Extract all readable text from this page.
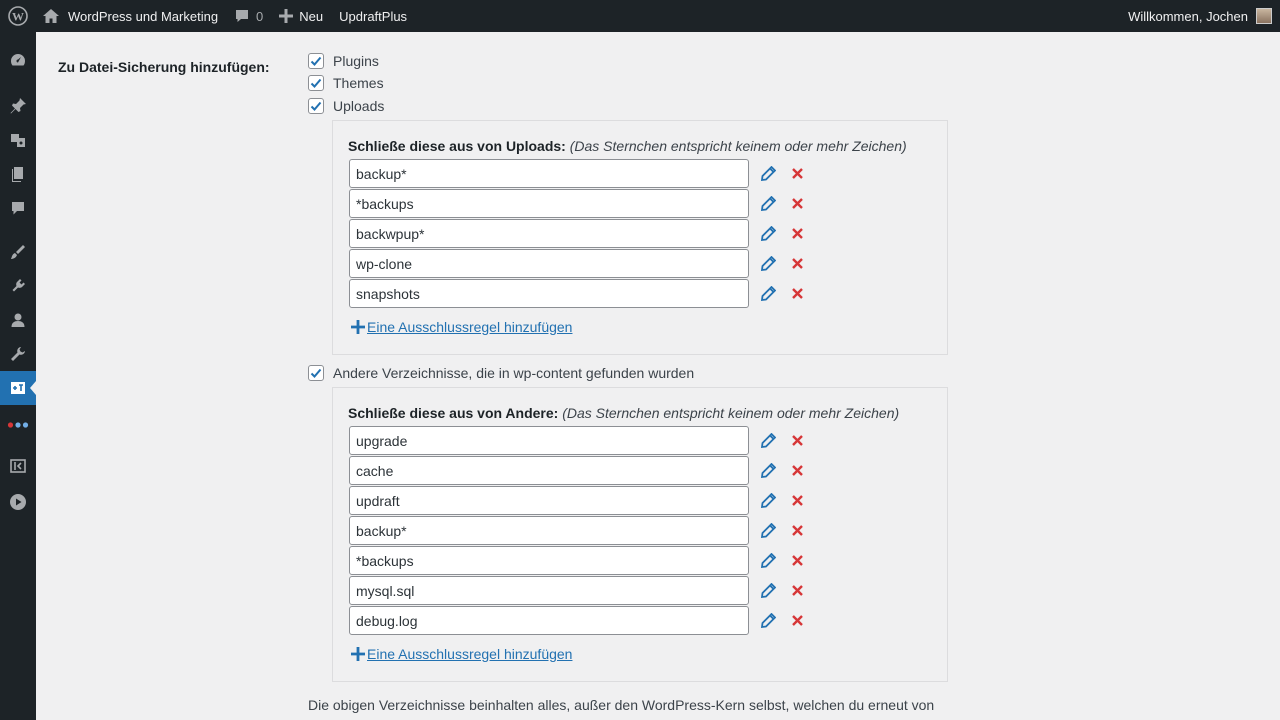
W	WordPress und Marketing	0	Neu UpdraftPlus	Willkommen, Jochen
Zu Datei-Sicherung hinzufügen:	Plugins
Themes
Uploads
Schließe diese aus von Uploads: (Das Sternchen entspricht keinem oder mehr Zeichen)
backup*
*backups
backwpup*
wp-clone
snapshots
Eine Ausschlussregel hinzufügen
Andere Verzeichnisse, die in wp-content gefunden wurden
Schließe diese aus von Andere: (Das Sternchen entspricht keinem oder mehr Zeichen)
upgrade
cache
updraft
backup*
*backups
mysql.sql
debug.log
Eine Ausschlussregel hinzufügen
Die obigen Verzeichnisse beinhalten alles, außer den WordPress-Kern selbst, welchen du erneut von
